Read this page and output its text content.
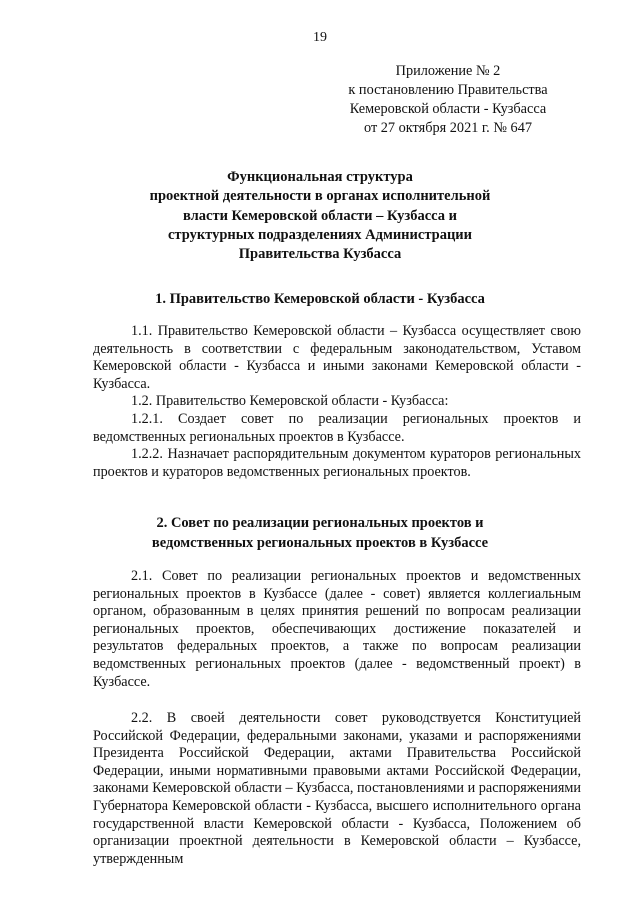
19
Приложение № 2
к постановлению Правительства
Кемеровской области - Кузбасса
от 27 октября 2021 г. № 647
Функциональная структура
проектной деятельности в органах исполнительной
власти Кемеровской области – Кузбасса и
структурных подразделениях Администрации
Правительства Кузбасса
1. Правительство Кемеровской области - Кузбасса

1.1. Правительство Кемеровской области – Кузбасса осуществляет свою деятельность в соответствии с федеральным законодательством, Уставом Кемеровской области - Кузбасса и иными законами Кемеровской области - Кузбасса.

1.2. Правительство Кемеровской области - Кузбасса:

1.2.1. Создает совет по реализации региональных проектов и ведомственных региональных проектов в Кузбассе.

1.2.2. Назначает распорядительным документом кураторов региональных проектов и кураторов ведомственных региональных проектов.

2. Совет по реализации региональных проектов и
ведомственных региональных проектов в Кузбассе

2.1. Совет по реализации региональных проектов и ведомственных региональных проектов в Кузбассе (далее - совет) является коллегиальным органом, образованным в целях принятия решений по вопросам реализации региональных проектов, обеспечивающих достижение показателей и результатов федеральных проектов, а также по вопросам реализации ведомственных региональных проектов (далее - ведомственный проект) в Кузбассе.

2.2. В своей деятельности совет руководствуется Конституцией Российской Федерации, федеральными законами, указами и распоряжениями Президента Российской Федерации, актами Правительства Российской Федерации, иными нормативными правовыми актами Российской Федерации, законами Кемеровской области – Кузбасса, постановлениями и распоряжениями Губернатора Кемеровской области - Кузбасса, высшего исполнительного органа государственной власти Кемеровской области - Кузбасса, Положением об организации проектной деятельности в Кемеровской области – Кузбассе, утвержденным
